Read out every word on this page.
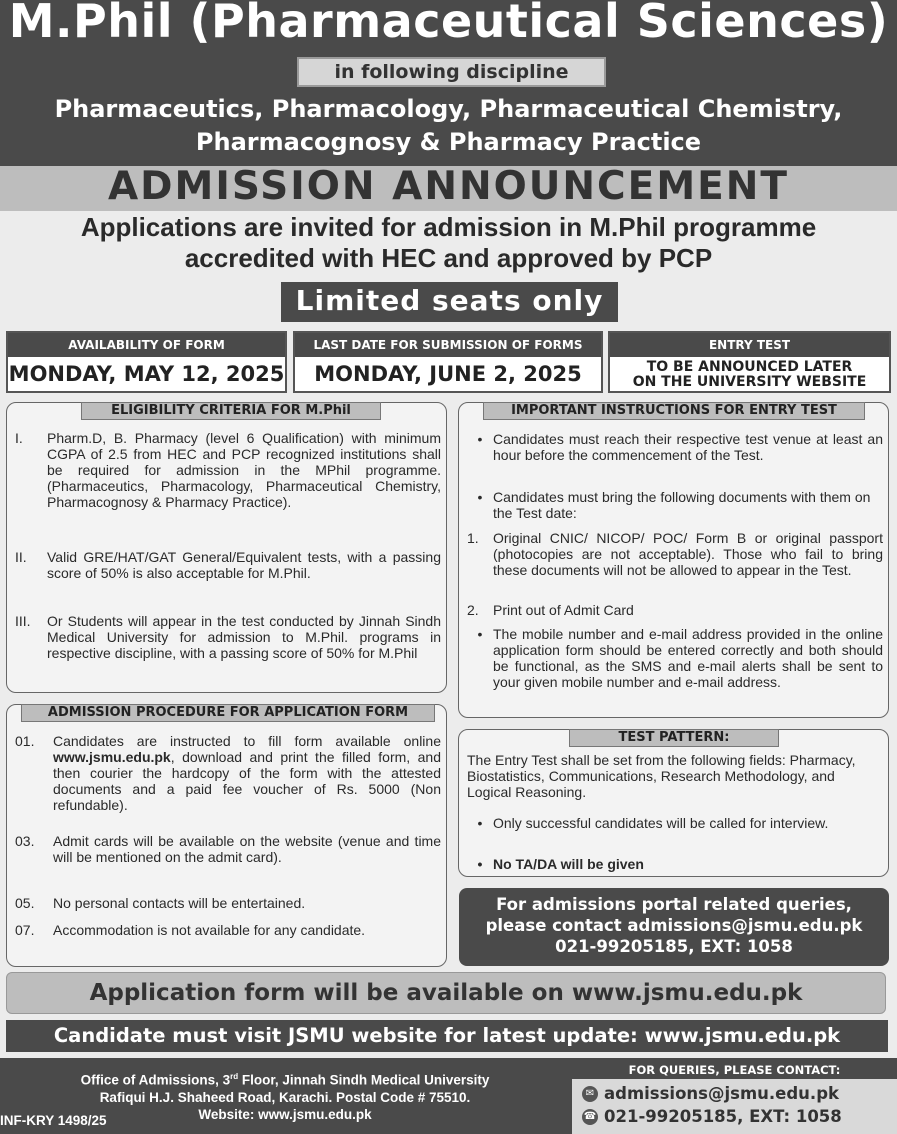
M.Phil (Pharmaceutical Sciences)
in following discipline
Pharmaceutics, Pharmacology, Pharmaceutical Chemistry,
Pharmacognosy & Pharmacy Practice
ADMISSION ANNOUNCEMENT
Applications are invited for admission in M.Phil programme
accredited with HEC and approved by PCP
Limited seats only
AVAILABILITY OF FORM
MONDAY, MAY 12, 2025
LAST DATE FOR SUBMISSION OF FORMS
MONDAY, JUNE 2, 2025
ENTRY TEST
TO BE ANNOUNCED LATER
ON THE UNIVERSITY WEBSITE
ELIGIBILITY CRITERIA FOR M.Phil
I.	Pharm.D, B. Pharmacy (level 6 Qualification) with minimum CGPA of 2.5 from HEC and PCP recognized institutions shall be required for admission in the MPhil programme. (Pharmaceutics, Pharmacology, Pharmaceutical Chemistry, Pharmacognosy & Pharmacy Practice).
II.	Valid GRE/HAT/GAT General/Equivalent tests, with a passing score of 50% is also acceptable for M.Phil.
III.	Or Students will appear in the test conducted by Jinnah Sindh Medical University for admission to M.Phil. programs in respective discipline, with a passing score of 50% for M.Phil
ADMISSION PROCEDURE FOR APPLICATION FORM
01.	Candidates are instructed to fill form available online www.jsmu.edu.pk, download and print the filled form, and then courier the hardcopy of the form with the attested documents and a paid fee voucher of Rs. 5000 (Non refundable).
03.	Admit cards will be available on the website (venue and time will be mentioned on the admit card).
05.	No personal contacts will be entertained.
07.	Accommodation is not available for any candidate.
IMPORTANT INSTRUCTIONS FOR ENTRY TEST
• Candidates must reach their respective test venue at least an hour before the commencement of the Test.
• Candidates must bring the following documents with them on the Test date:
1.	Original CNIC/ NICOP/ POC/ Form B or original passport (photocopies are not acceptable). Those who fail to bring these documents will not be allowed to appear in the Test.
2.	Print out of Admit Card
• The mobile number and e-mail address provided in the online application form should be entered correctly and both should be functional, as the SMS and e-mail alerts shall be sent to your given mobile number and e-mail address.
TEST PATTERN:
The Entry Test shall be set from the following fields: Pharmacy, Biostatistics, Communications, Research Methodology, and Logical Reasoning.
• Only successful candidates will be called for interview.
• No TA/DA will be given
For admissions portal related queries,
please contact admissions@jsmu.edu.pk
021-99205185, EXT: 1058
Application form will be available on www.jsmu.edu.pk
Candidate must visit JSMU website for latest update: www.jsmu.edu.pk
Office of Admissions, 3rd Floor, Jinnah Sindh Medical University
Rafiqui H.J. Shaheed Road, Karachi. Postal Code # 75510.
Website: www.jsmu.edu.pk
INF-KRY 1498/25
FOR QUERIES, PLEASE CONTACT:
✉ admissions@jsmu.edu.pk
☎ 021-99205185, EXT: 1058
